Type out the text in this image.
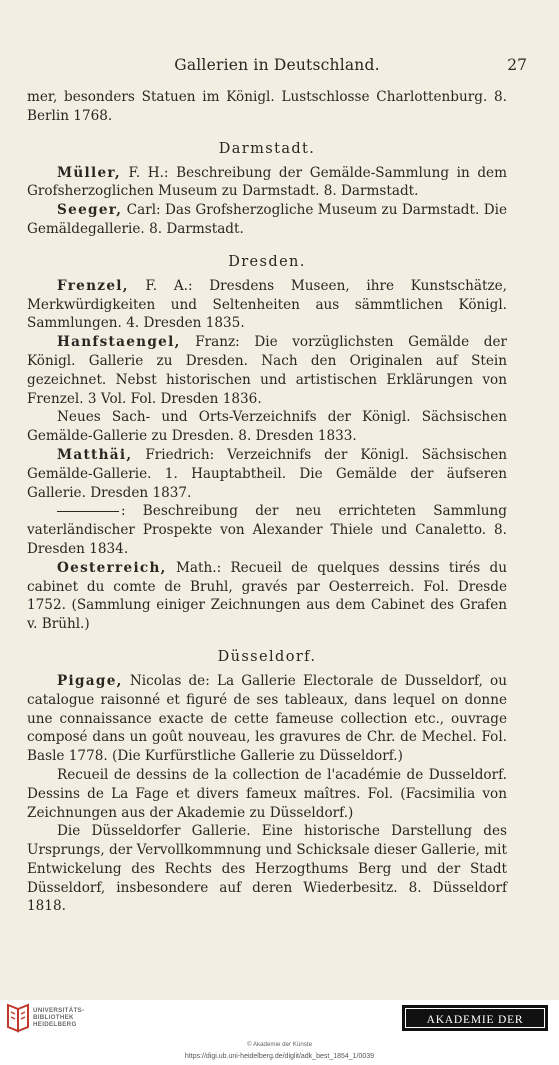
Gallerien in Deutschland.	27

mer, besonders Statuen im Königl. Lustschlosse Charlottenburg. 8. Berlin 1768.

Darmstadt.

Müller, F. H.: Beschreibung der Gemälde-Sammlung in dem Grofsherzoglichen Museum zu Darmstadt. 8. Darmstadt.

Seeger, Carl: Das Grofsherzogliche Museum zu Darmstadt. Die Gemäldegallerie. 8. Darmstadt.

Dresden.

Frenzel, F. A.: Dresdens Museen, ihre Kunstschätze, Merkwürdigkeiten und Seltenheiten aus sämmtlichen Königl. Sammlungen. 4. Dresden 1835.

Hanfstaengel, Franz: Die vorzüglichsten Gemälde der Königl. Gallerie zu Dresden. Nach den Originalen auf Stein gezeichnet. Nebst historischen und artistischen Erklärungen von Frenzel. 3 Vol. Fol. Dresden 1836.

Neues Sach- und Orts-Verzeichnifs der Königl. Sächsischen Gemälde-Gallerie zu Dresden. 8. Dresden 1833.

Matthäi, Friedrich: Verzeichnifs der Königl. Sächsischen Gemälde-Gallerie. 1. Hauptabtheil. Die Gemälde der äufseren Gallerie. Dresden 1837.

: Beschreibung der neu errichteten Sammlung vaterländischer Prospekte von Alexander Thiele und Canaletto. 8. Dresden 1834.

Oesterreich, Math.: Recueil de quelques dessins tirés du cabinet du comte de Bruhl, gravés par Oesterreich. Fol. Dresde 1752. (Sammlung einiger Zeichnungen aus dem Cabinet des Grafen v. Brühl.)

Düsseldorf.

Pigage, Nicolas de: La Gallerie Electorale de Dusseldorf, ou catalogue raisonné et figuré de ses tableaux, dans lequel on donne une connaissance exacte de cette fameuse collection etc., ouvrage composé dans un goût nouveau, les gravures de Chr. de Mechel. Fol. Basle 1778. (Die Kurfürstliche Gallerie zu Düsseldorf.)

Recueil de dessins de la collection de l'académie de Dusseldorf. Dessins de La Fage et divers fameux maîtres. Fol. (Facsimilia von Zeichnungen aus der Akademie zu Düsseldorf.)

Die Düsseldorfer Gallerie. Eine historische Darstellung des Ursprungs, der Vervollkommnung und Schicksale dieser Gallerie, mit Entwickelung des Rechts des Herzogthums Berg und der Stadt Düsseldorf, insbesondere auf deren Wiederbesitz. 8. Düsseldorf 1818.

UNIVERSITÄTS-
BIBLIOTHEK
HEIDELBERG	AKADEMIE DER KÜNSTE
© Akademie der Künste
https://digi.ub.uni-heidelberg.de/diglit/adk_best_1854_1/0039
